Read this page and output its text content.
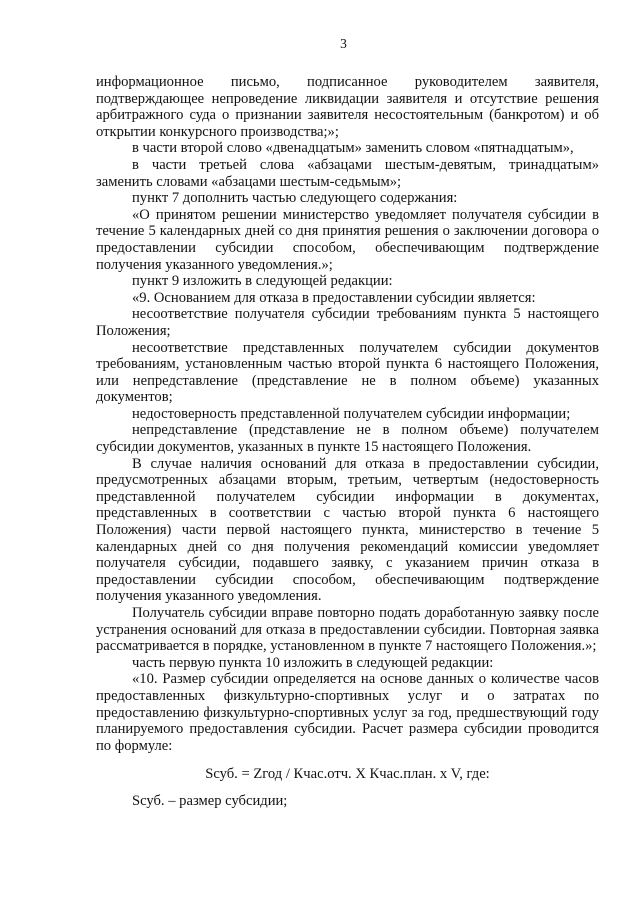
3

информационное письмо, подписанное руководителем заявителя, подтверждающее непроведение ликвидации заявителя и отсутствие решения арбитражного суда о признании заявителя несостоятельным (банкротом) и об открытии конкурсного производства;»;

в части второй слово «двенадцатым» заменить словом «пятнадцатым»,

в части третьей слова «абзацами шестым-девятым, тринадцатым» заменить словами «абзацами шестым-седьмым»;

пункт 7 дополнить частью следующего содержания:

«О принятом решении министерство уведомляет получателя субсидии в течение 5 календарных дней со дня принятия решения о заключении договора о предоставлении субсидии способом, обеспечивающим подтверждение получения указанного уведомления.»;

пункт 9 изложить в следующей редакции:

«9. Основанием для отказа в предоставлении субсидии является:

несоответствие получателя субсидии требованиям пункта 5 настоящего Положения;

несоответствие представленных получателем субсидии документов требованиям, установленным частью второй пункта 6 настоящего Положения, или непредставление (представление не в полном объеме) указанных документов;

недостоверность представленной получателем субсидии информации;

непредставление (представление не в полном объеме) получателем субсидии документов, указанных в пункте 15 настоящего Положения.

В случае наличия оснований для отказа в предоставлении субсидии, предусмотренных абзацами вторым, третьим, четвертым (недостоверность представленной получателем субсидии информации в документах, представленных в соответствии с частью второй пункта 6 настоящего Положения) части первой настоящего пункта, министерство в течение 5 календарных дней со дня получения рекомендаций комиссии уведомляет получателя субсидии, подавшего заявку, с указанием причин отказа в предоставлении субсидии способом, обеспечивающим подтверждение получения указанного уведомления.

Получатель субсидии вправе повторно подать доработанную заявку после устранения оснований для отказа в предоставлении субсидии. Повторная заявка рассматривается в порядке, установленном в пункте 7 настоящего Положения.»;

часть первую пункта 10 изложить в следующей редакции:

«10. Размер субсидии определяется на основе данных о количестве часов предоставленных физкультурно-спортивных услуг и о затратах по предоставлению физкультурно-спортивных услуг за год, предшествующий году планируемого предоставления субсидии. Расчет размера субсидии проводится по формуле:

Sсуб. = Zгод / Кчас.отч. X Кчас.план. x V, где:

Sсуб. – размер субсидии;
